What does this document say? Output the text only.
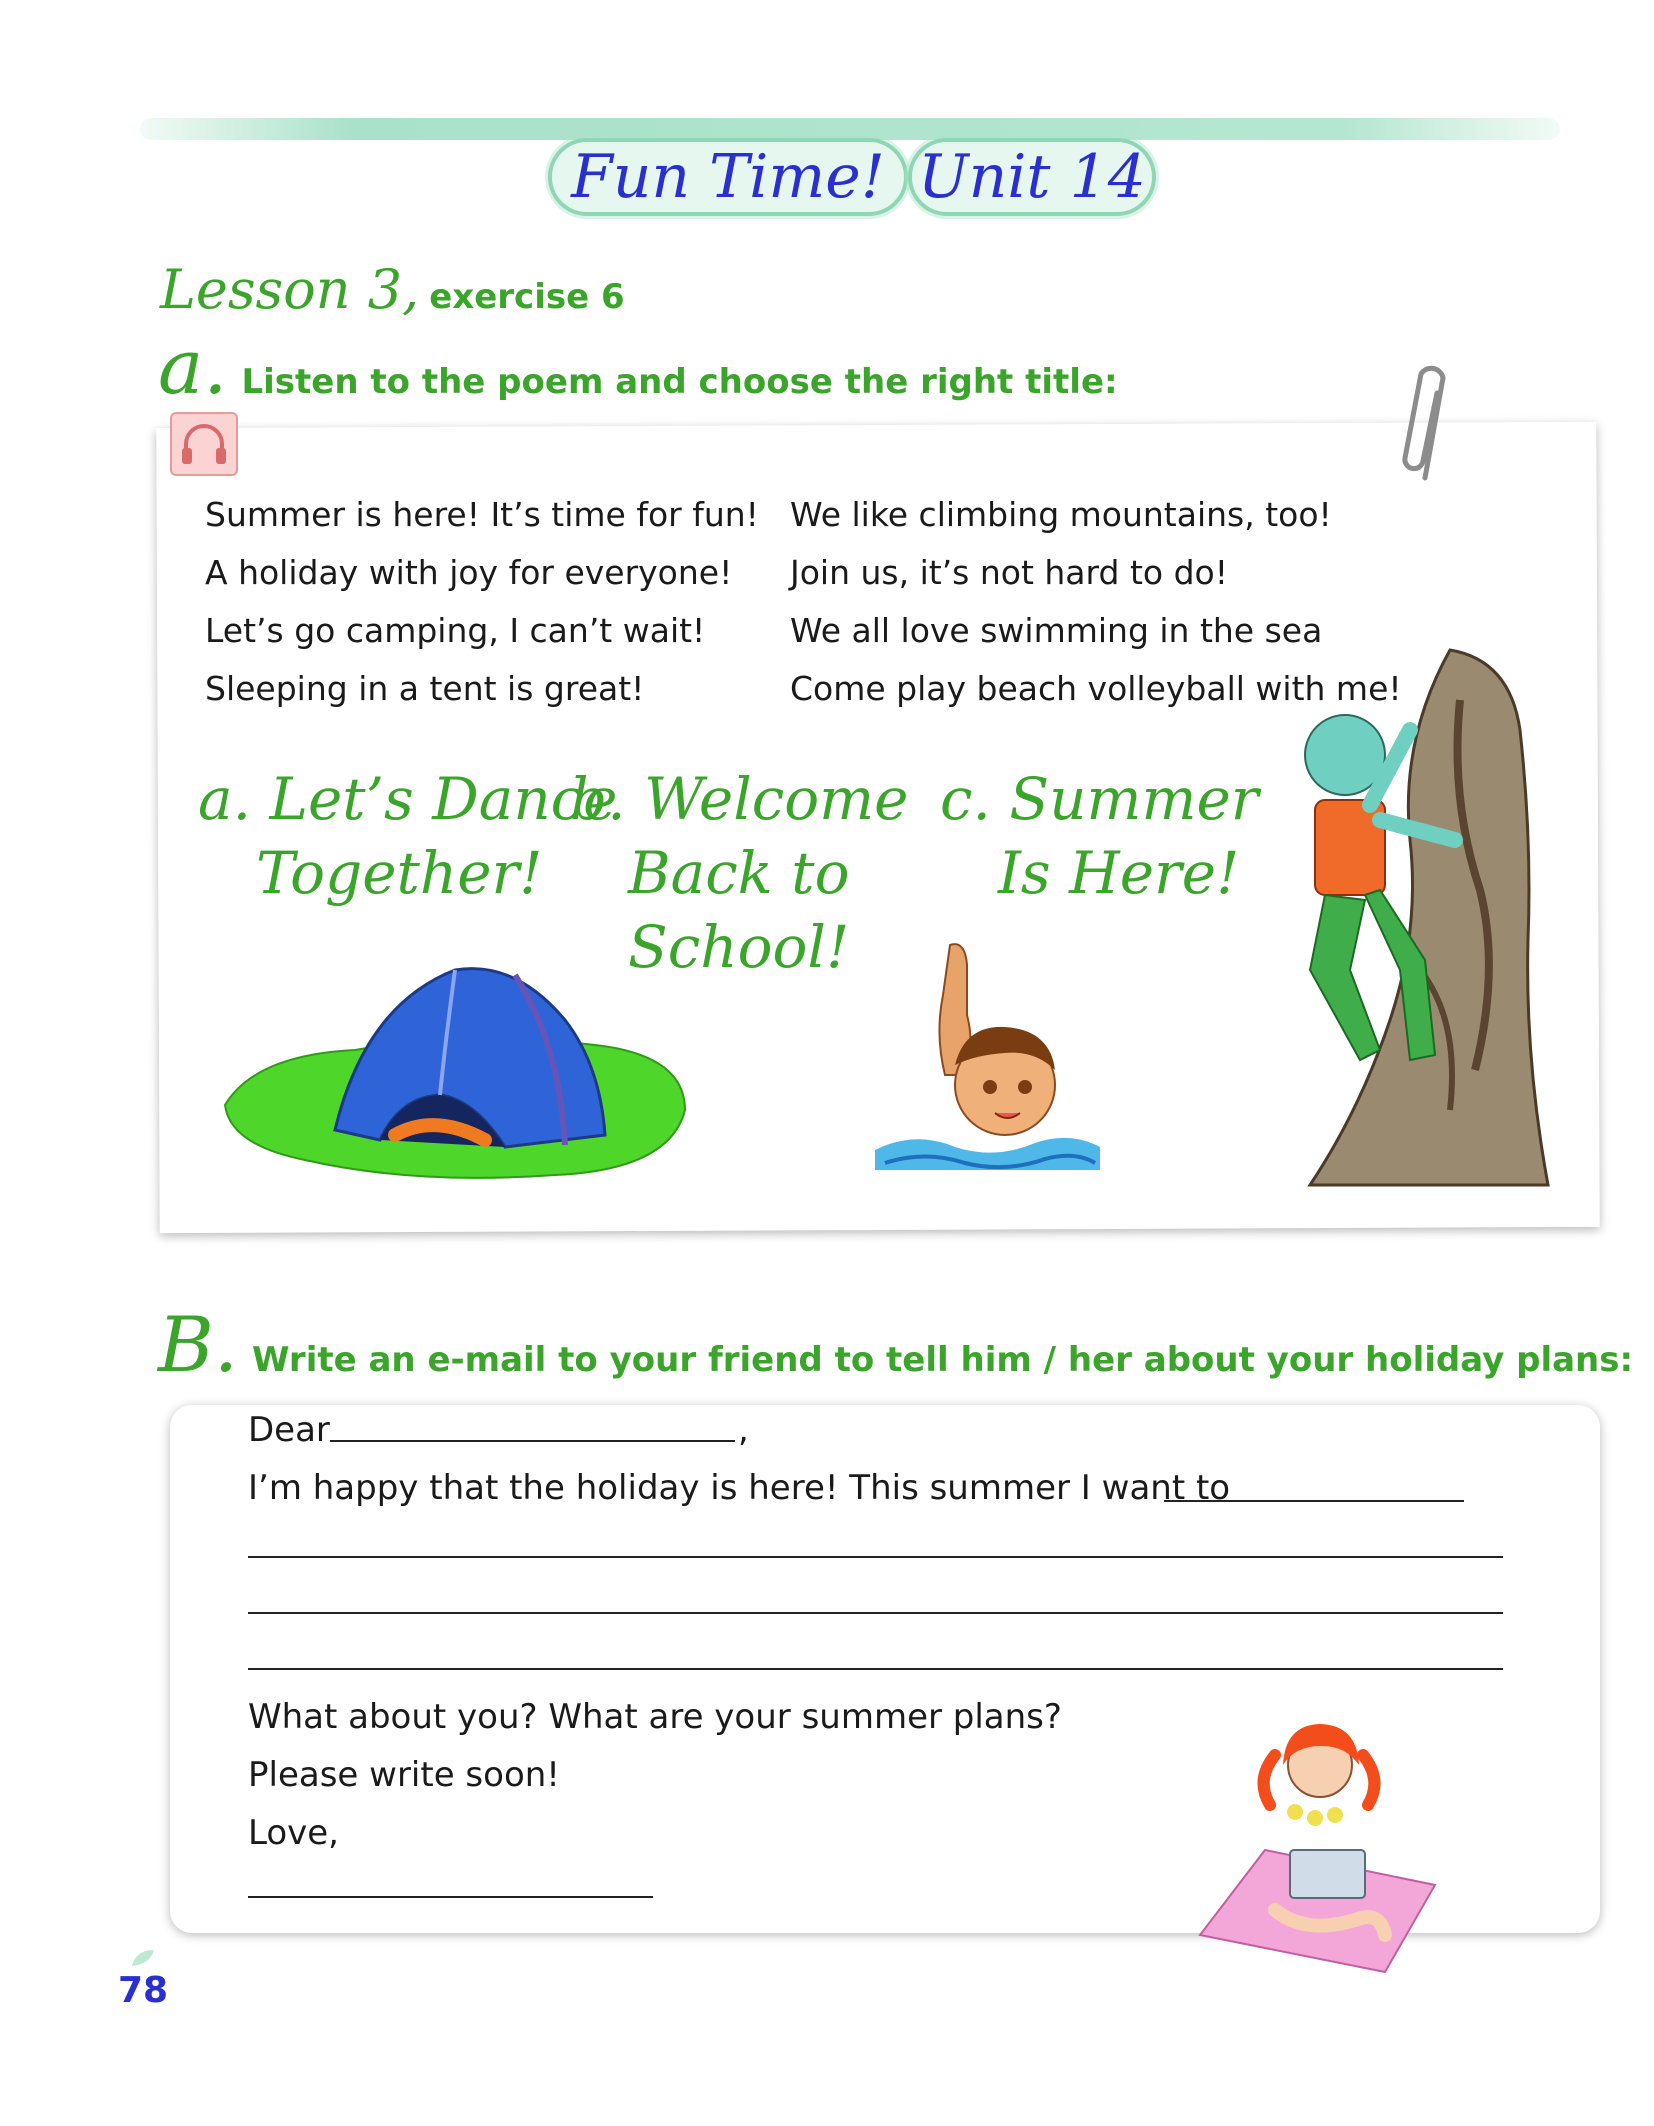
Fun Time! Unit 14
Lesson 3, exercise 6
a. Listen to the poem and choose the right title:
Summer is here! It’s time for fun!
A holiday with joy for everyone!
Let’s go camping, I can’t wait!
Sleeping in a tent is great!
We like climbing mountains, too!
Join us, it’s not hard to do!
We all love swimming in the sea
Come play beach volleyball with me!
a. Let’s Dance
Together!
b. Welcome
Back to
School!
c. Summer
Is Here!
B. Write an e-mail to your friend to tell him / her about your holiday plans:
Dear	,
I’m happy that the holiday is here! This summer I want to
What about you? What are your summer plans?
Please write soon!
Love,
78
